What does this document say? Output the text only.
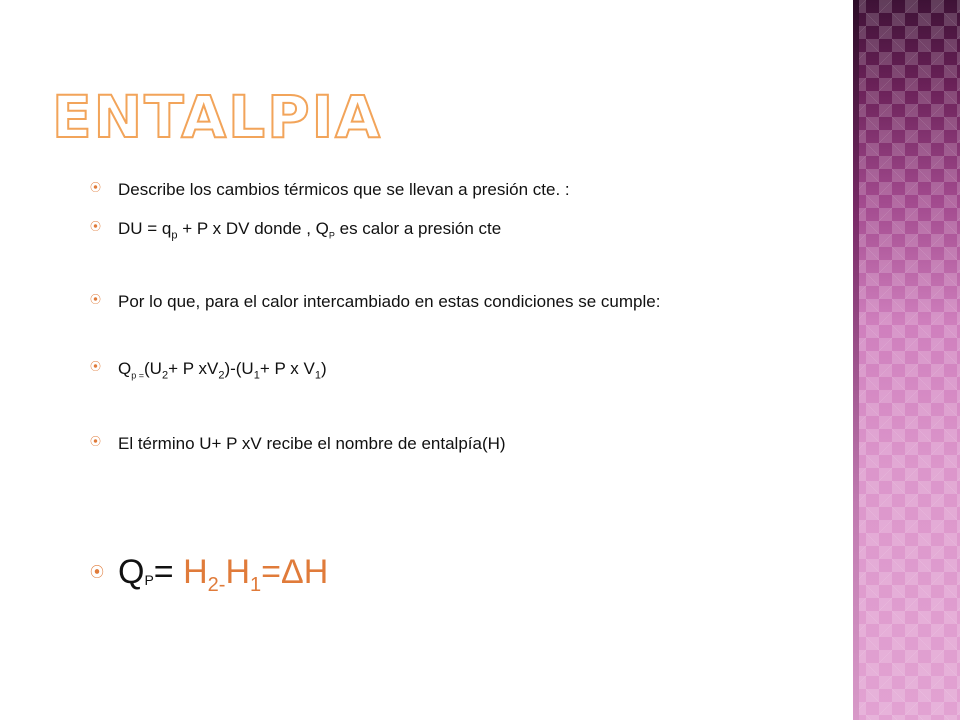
ENTALPIA
⦿	Describe los cambios térmicos que se llevan a presión cte. :
⦿	DU = $q_p + P$ x DV donde , $Q_P$ es calor a presión cte
⦿	Por lo que, para el calor intercambiado en estas condiciones se cumple:
⦿	$Q_{p =}(U_2+ P$ $xV_2)-(U_1+ P$ x $V_1$)
⦿	El término U+ P xV recibe el nombre de entalpía(H)
⦿ $QP= H_{2-}H_1=\Delta H$
